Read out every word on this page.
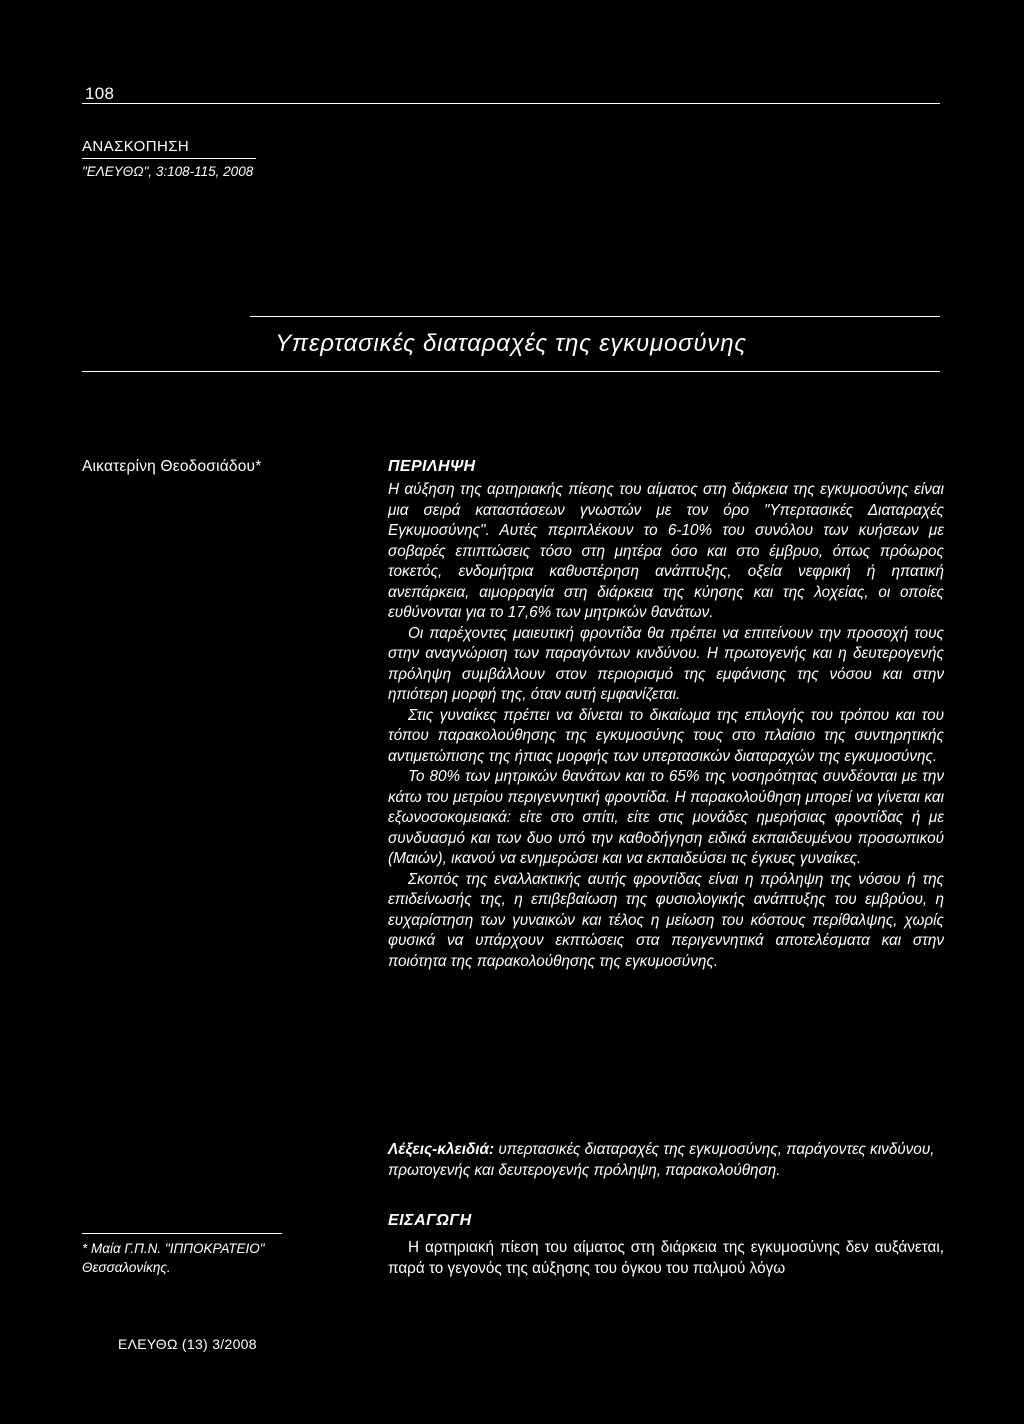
108
ΑΝΑΣΚΟΠΗΣΗ
"ΕΛΕΥΘΩ", 3:108-115, 2008
Υπερτασικές διαταραχές της εγκυμοσύνης
Αικατερίνη Θεοδοσιάδου*	ΠΕΡΙΛΗΨΗ

Η αύξηση της αρτηριακής πίεσης του αίματος στη διάρκεια της εγκυμοσύνης είναι μια σειρά καταστάσεων γνωστών με τον όρο "Υπερτασικές Διαταραχές Εγκυμοσύνης". Αυτές περιπλέκουν το 6-10% του συνόλου των κυήσεων με σοβαρές επιπτώσεις τόσο στη μητέρα όσο και στο έμβρυο, όπως πρόωρος τοκετός, ενδομήτρια καθυστέρηση ανάπτυξης, οξεία νεφρική ή ηπατική ανεπάρκεια, αιμορραγία στη διάρκεια της κύησης και της λοχείας, οι οποίες ευθύνονται για το 17,6% των μητρικών θανάτων.

Οι παρέχοντες μαιευτική φροντίδα θα πρέπει να επιτείνουν την προσοχή τους στην αναγνώριση των παραγόντων κινδύνου. Η πρωτογενής και η δευτερογενής πρόληψη συμβάλλουν στον περιορισμό της εμφάνισης της νόσου και στην ηπιότερη μορφή της, όταν αυτή εμφανίζεται.

Στις γυναίκες πρέπει να δίνεται το δικαίωμα της επιλογής του τρόπου και του τόπου παρακολούθησης της εγκυμοσύνης τους στο πλαίσιο της συντηρητικής αντιμετώπισης της ήπιας μορφής των υπερτασικών διαταραχών της εγκυμοσύνης.

Το 80% των μητρικών θανάτων και το 65% της νοσηρότητας συνδέονται με την κάτω του μετρίου περιγεννητική φροντίδα. Η παρακολούθηση μπορεί να γίνεται και εξωνοσοκομειακά: είτε στο σπίτι, είτε στις μονάδες ημερήσιας φροντίδας ή με συνδυασμό και των δυο υπό την καθοδήγηση ειδικά εκπαιδευμένου προσωπικού (Μαιών), ικανού να ενημερώσει και να εκπαιδεύσει τις έγκυες γυναίκες.

Σκοπός της εναλλακτικής αυτής φροντίδας είναι η πρόληψη της νόσου ή της επιδείνωσής της, η επιβεβαίωση της φυσιολογικής ανάπτυξης του εμβρύου, η ευχαρίστηση των γυναικών και τέλος η μείωση του κόστους περίθαλψης, χωρίς φυσικά να υπάρχουν εκπτώσεις στα περιγεννητικά αποτελέσματα και στην ποιότητα της παρακολούθησης της εγκυμοσύνης.

Λέξεις-κλειδιά: υπερτασικές διαταραχές της εγκυμοσύνης, παράγοντες κινδύνου, πρωτογενής και δευτερογενής πρόληψη, παρακολούθηση.

ΕΙΣΑΓΩΓΗ

Η αρτηριακή πίεση του αίματος στη διάρκεια της εγκυμοσύνης δεν αυξάνεται, παρά το γεγονός της αύξησης του όγκου του παλμού λόγω

* Μαία Γ.Π.Ν. "ΙΠΠΟΚΡΑΤΕΙΟ" Θεσσαλονίκης.
ΕΛΕΥΘΩ (13) 3/2008
